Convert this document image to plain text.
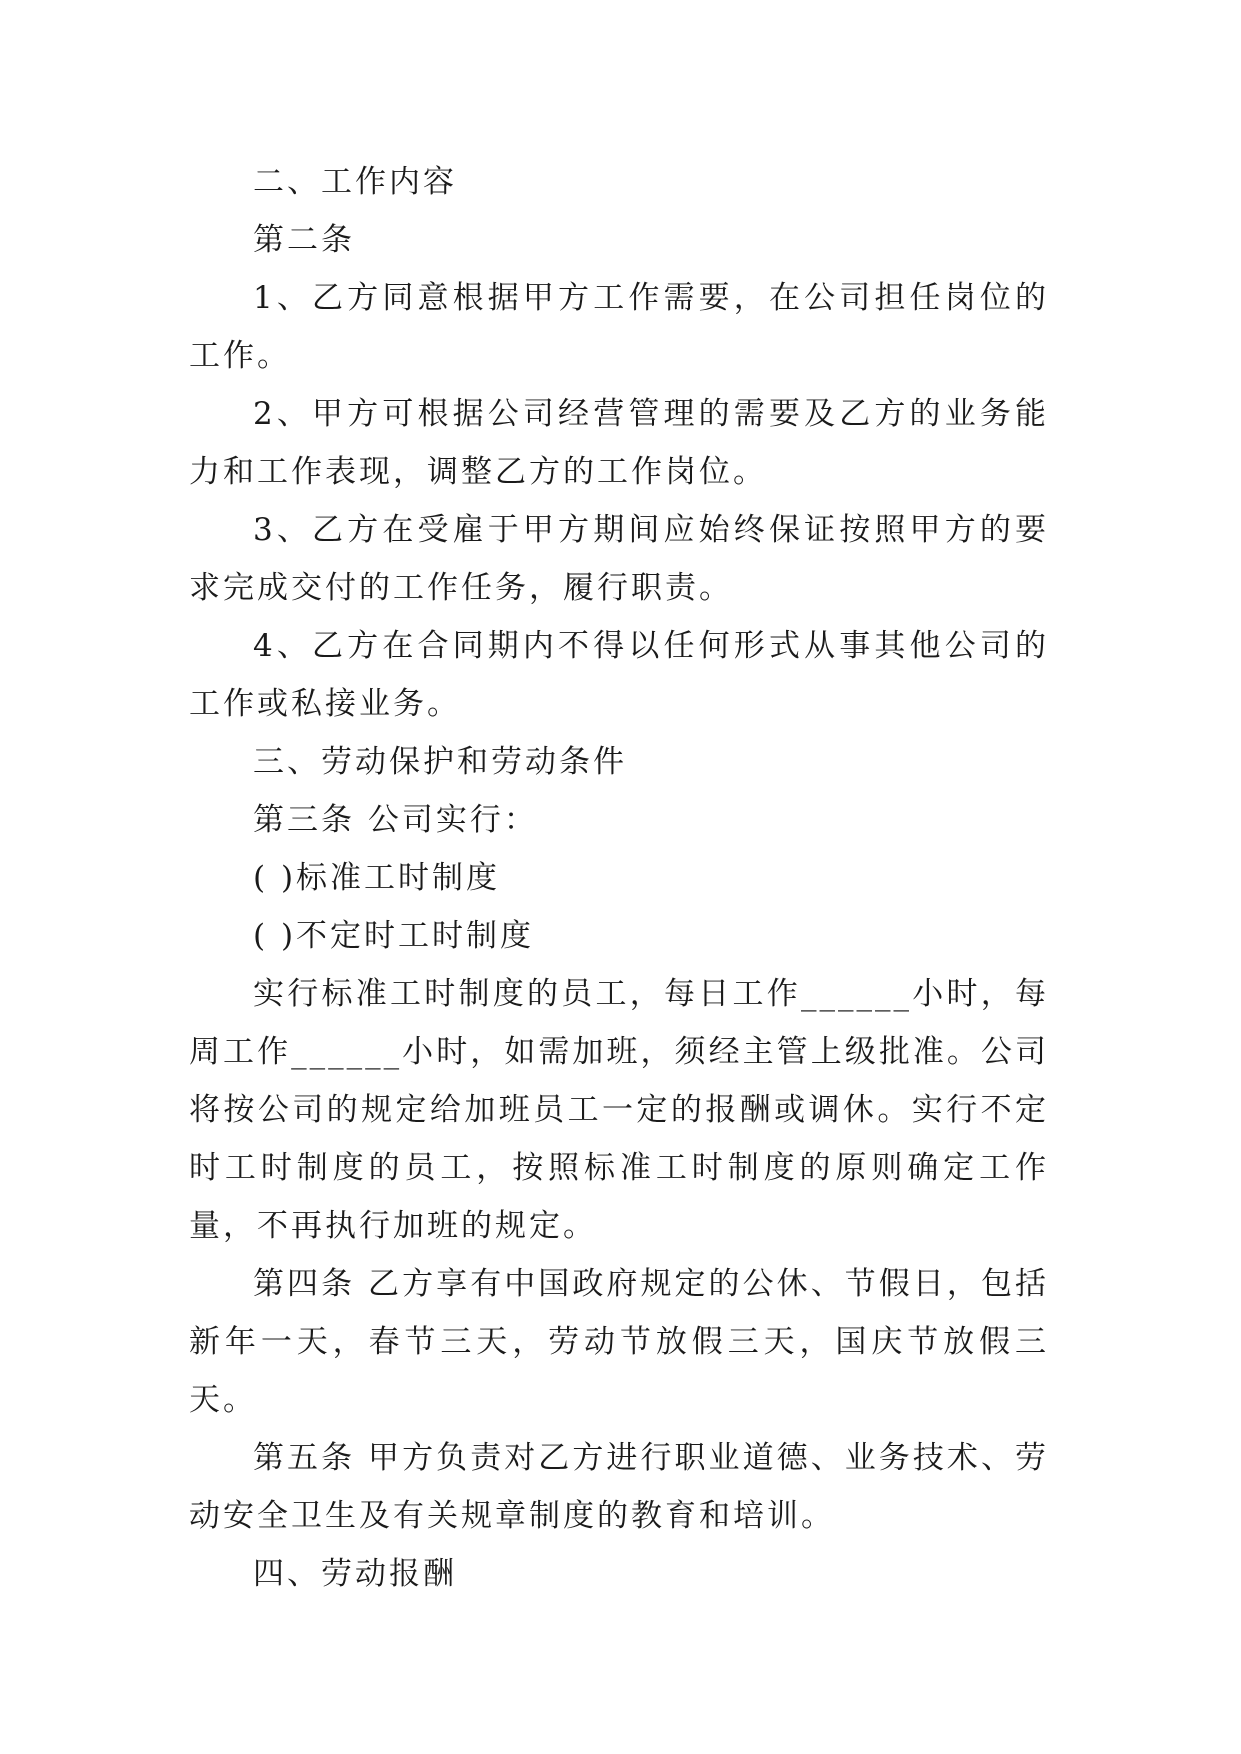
二、工作内容

第二条

1、乙方同意根据甲方工作需要，在公司担任岗位的工作。

2、甲方可根据公司经营管理的需要及乙方的业务能力和工作表现，调整乙方的工作岗位。

3、乙方在受雇于甲方期间应始终保证按照甲方的要求完成交付的工作任务，履行职责。

4、乙方在合同期内不得以任何形式从事其他公司的工作或私接业务。

三、劳动保护和劳动条件

第三条 公司实行：

( )标准工时制度

( )不定时工时制度

实行标准工时制度的员工，每日工作______小时，每周工作______小时，如需加班，须经主管上级批准。公司将按公司的规定给加班员工一定的报酬或调休。实行不定时工时制度的员工，按照标准工时制度的原则确定工作量，不再执行加班的规定。

第四条 乙方享有中国政府规定的公休、节假日，包括新年一天，春节三天，劳动节放假三天，国庆节放假三天。

第五条 甲方负责对乙方进行职业道德、业务技术、劳动安全卫生及有关规章制度的教育和培训。

四、劳动报酬
